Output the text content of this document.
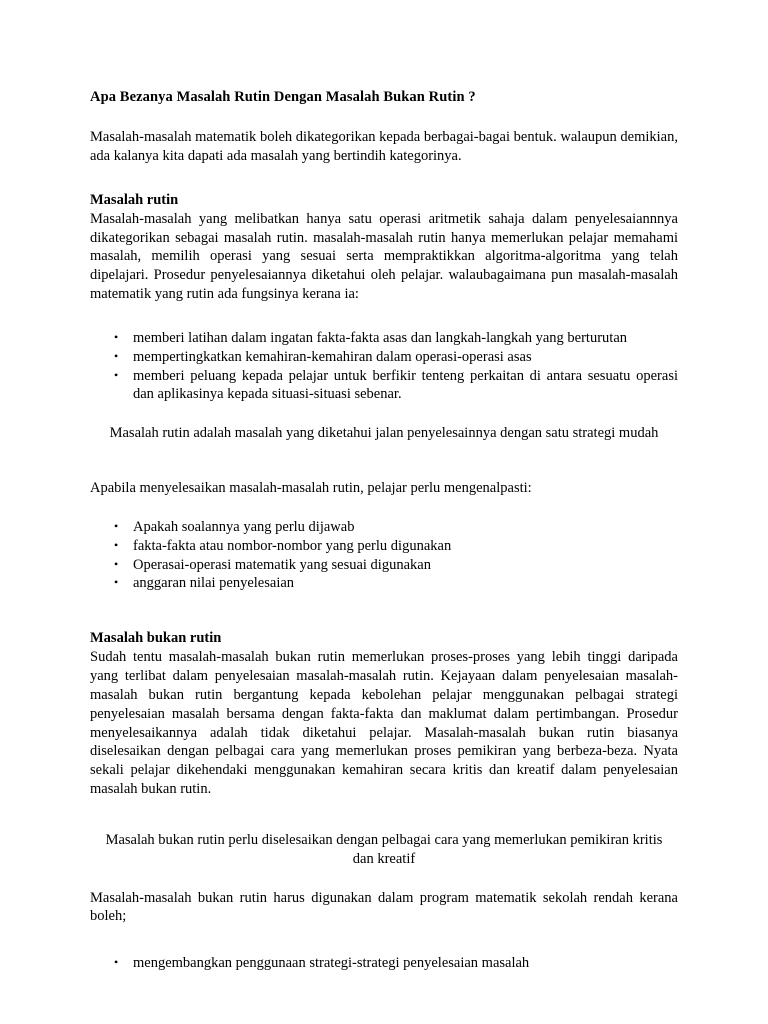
Apa Bezanya Masalah Rutin Dengan Masalah Bukan Rutin ?

Masalah-masalah matematik boleh dikategorikan kepada berbagai-bagai bentuk. walaupun demikian, ada kalanya kita dapati ada masalah yang bertindih kategorinya.

Masalah rutin

Masalah-masalah yang melibatkan hanya satu operasi aritmetik sahaja dalam penyelesaiannnya dikategorikan sebagai masalah rutin. masalah-masalah rutin hanya memerlukan pelajar memahami masalah, memilih operasi yang sesuai serta mempraktikkan algoritma-algoritma yang telah dipelajari. Prosedur penyelesaiannya diketahui oleh pelajar. walaubagaimana pun masalah-masalah matematik yang rutin ada fungsinya kerana ia:

• memberi latihan dalam ingatan fakta-fakta asas dan langkah-langkah yang berturutan
• mempertingkatkan kemahiran-kemahiran dalam operasi-operasi asas
• memberi peluang kepada pelajar untuk berfikir tenteng perkaitan di antara sesuatu operasi dan aplikasinya kepada situasi-situasi sebenar.

Masalah rutin adalah masalah yang diketahui jalan penyelesainnya dengan satu strategi mudah

Apabila menyelesaikan masalah-masalah rutin, pelajar perlu mengenalpasti:

• Apakah soalannya yang perlu dijawab
• fakta-fakta atau nombor-nombor yang perlu digunakan
• Operasai-operasi matematik yang sesuai digunakan
• anggaran nilai penyelesaian
Masalah bukan rutin

Sudah tentu masalah-masalah bukan rutin memerlukan proses-proses yang lebih tinggi daripada yang terlibat dalam penyelesaian masalah-masalah rutin. Kejayaan dalam penyelesaian masalah-masalah bukan rutin bergantung kepada kebolehan pelajar menggunakan pelbagai strategi penyelesaian masalah bersama dengan fakta-fakta dan maklumat dalam pertimbangan. Prosedur menyelesaikannya adalah tidak diketahui pelajar. Masalah-masalah bukan rutin biasanya diselesaikan dengan pelbagai cara yang memerlukan proses pemikiran yang berbeza-beza. Nyata sekali pelajar dikehendaki menggunakan kemahiran secara kritis dan kreatif dalam penyelesaian masalah bukan rutin.

Masalah bukan rutin perlu diselesaikan dengan pelbagai cara yang memerlukan pemikiran kritis dan kreatif

Masalah-masalah bukan rutin harus digunakan dalam program matematik sekolah rendah kerana boleh;

• mengembangkan penggunaan strategi-strategi penyelesaian masalah
